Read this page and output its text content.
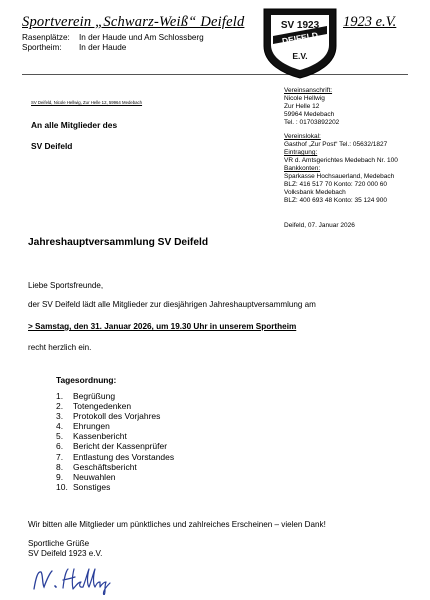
Sportverein „Schwarz-Weiß“ Deifeld	1923 e.V.
Rasenplätze: In der Haude und Am Schlossberg
Sportheim: In der Haude
SV 1923
DEIFELD
E.V.
SV Deifeld, Nicole Hellwig, Zur Helle 12, 59964 Medebach
An alle Mitglieder des
SV Deifeld
Vereinsanschrift:
Nicole Hellwig
Zur Helle 12
59964 Medebach
Tel. : 01703892202
Vereinslokal:
Gasthof „Zur Post“ Tel.: 05632/1827
Eintragung:
VR d. Amtsgerichtes Medebach Nr. 100
Bankkonten:
Sparkasse Hochsauerland, Medebach
BLZ: 416 517 70 Konto: 720 000 60
Volksbank Medebach
BLZ: 400 693 48 Konto: 35 124 900
Deifeld, 07. Januar 2026
Jahreshauptversammlung SV Deifeld
Liebe Sportsfreunde,
der SV Deifeld lädt alle Mitglieder zur diesjährigen Jahreshauptversammlung am
> Samstag, den 31. Januar 2026, um 19.30 Uhr in unserem Sportheim
recht herzlich ein.
Tagesordnung:
1.	Begrüßung
2.	Totengedenken
3.	Protokoll des Vorjahres
4.	Ehrungen
5.	Kassenbericht
6.	Bericht der Kassenprüfer
7.	Entlastung des Vorstandes
8.	Geschäftsbericht
9.	Neuwahlen
10. Sonstiges
Wir bitten alle Mitglieder um pünktliches und zahlreiches Erscheinen – vielen Dank!
Sportliche Grüße
SV Deifeld 1923 e.V.
